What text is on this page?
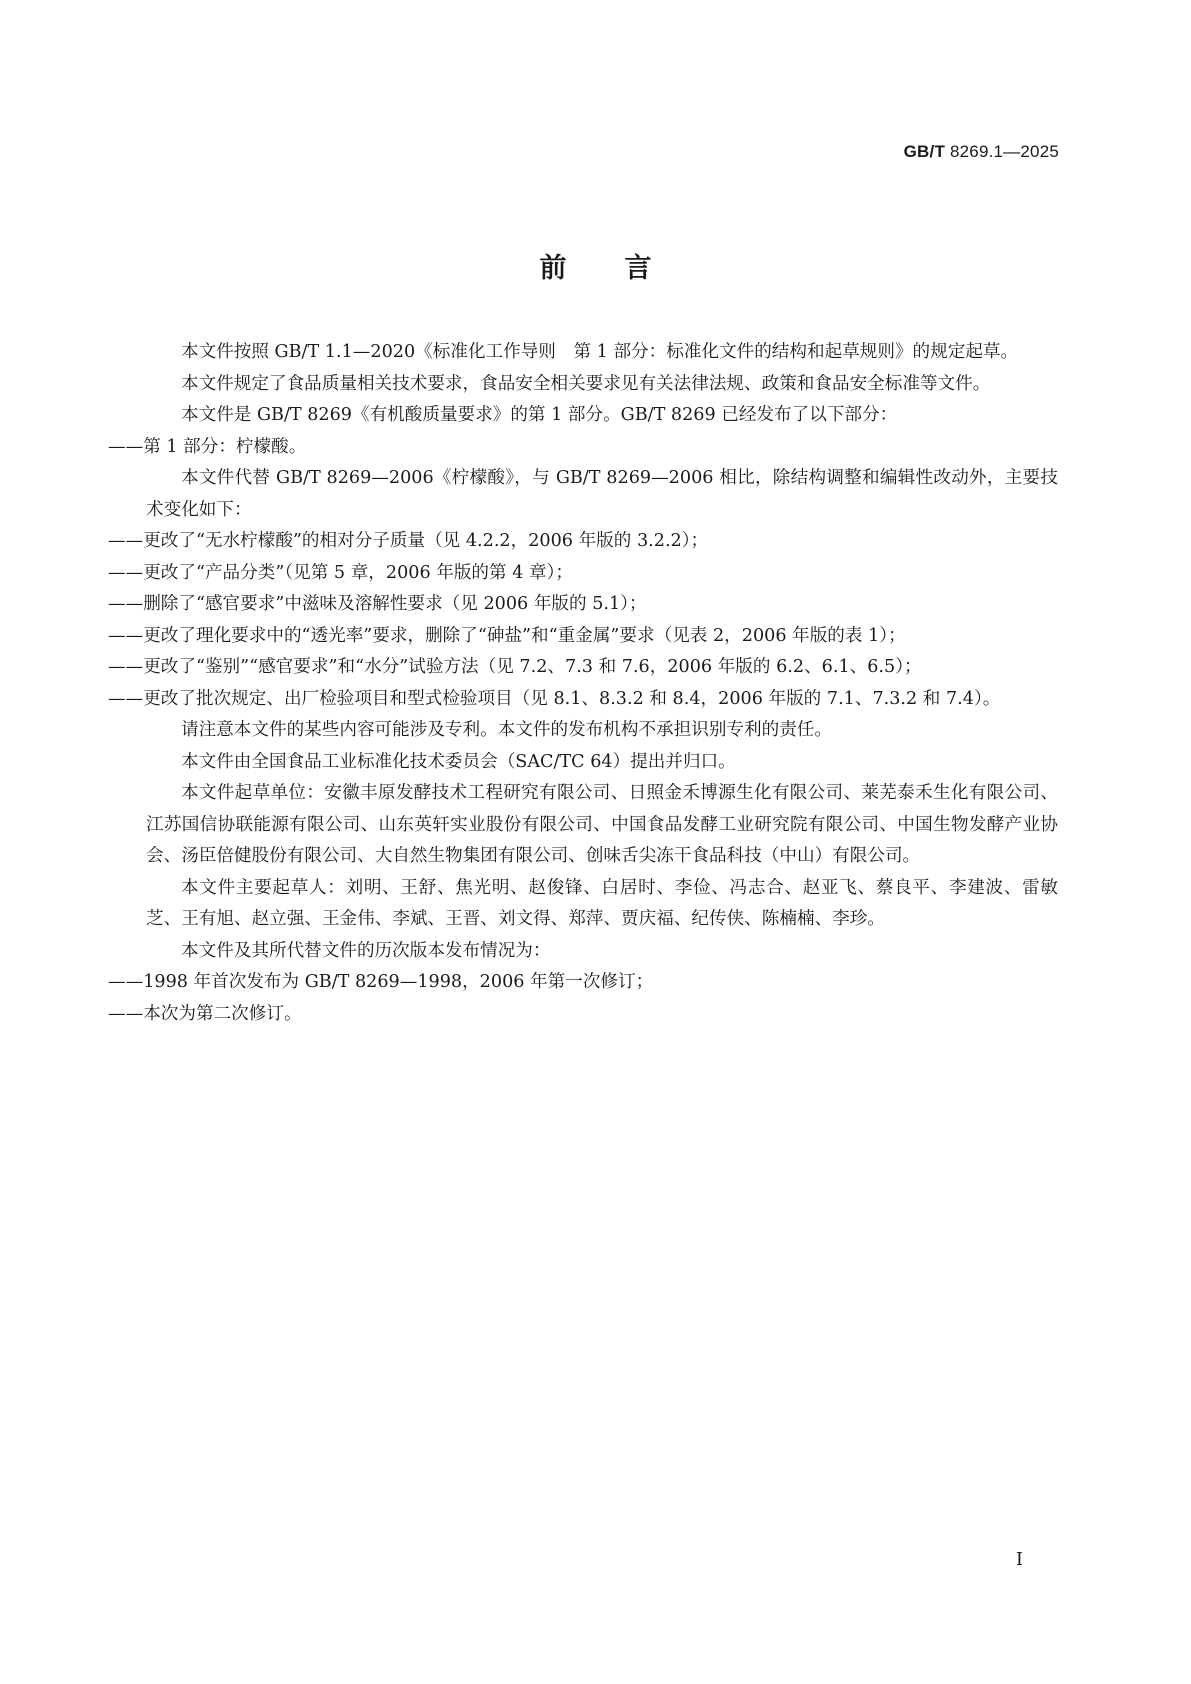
GB/T 8269.1—2025
前言

本文件按照 GB/T 1.1—2020《标准化工作导则　第 1 部分：标准化文件的结构和起草规则》的规定起草。

本文件规定了食品质量相关技术要求，食品安全相关要求见有关法律法规、政策和食品安全标准等文件。

本文件是 GB/T 8269《有机酸质量要求》的第 1 部分。GB/T 8269 已经发布了以下部分：

——第 1 部分：柠檬酸。

本文件代替 GB/T 8269—2006《柠檬酸》，与 GB/T 8269—2006 相比，除结构调整和编辑性改动外，主要技术变化如下：

——更改了“无水柠檬酸”的相对分子质量（见 4.2.2，2006 年版的 3.2.2）；

——更改了“产品分类”（见第 5 章，2006 年版的第 4 章）；

——删除了“感官要求”中滋味及溶解性要求（见 2006 年版的 5.1）；

——更改了理化要求中的“透光率”要求，删除了“砷盐”和“重金属”要求（见表 2，2006 年版的表 1）；

——更改了“鉴别”“感官要求”和“水分”试验方法（见 7.2、7.3 和 7.6，2006 年版的 6.2、6.1、6.5）；

——更改了批次规定、出厂检验项目和型式检验项目（见 8.1、8.3.2 和 8.4，2006 年版的 7.1、7.3.2 和 7.4）。

请注意本文件的某些内容可能涉及专利。本文件的发布机构不承担识别专利的责任。

本文件由全国食品工业标准化技术委员会（SAC/TC 64）提出并归口。

本文件起草单位：安徽丰原发酵技术工程研究有限公司、日照金禾博源生化有限公司、莱芜泰禾生化有限公司、江苏国信协联能源有限公司、山东英轩实业股份有限公司、中国食品发酵工业研究院有限公司、中国生物发酵产业协会、汤臣倍健股份有限公司、大自然生物集团有限公司、创味舌尖冻干食品科技（中山）有限公司。

本文件主要起草人：刘明、王舒、焦光明、赵俊锋、白居时、李俭、冯志合、赵亚飞、蔡良平、李建波、雷敏芝、王有旭、赵立强、王金伟、李斌、王晋、刘文得、郑萍、贾庆福、纪传侠、陈楠楠、李珍。

本文件及其所代替文件的历次版本发布情况为：

——1998 年首次发布为 GB/T 8269—1998，2006 年第一次修订；

——本次为第二次修订。

I
